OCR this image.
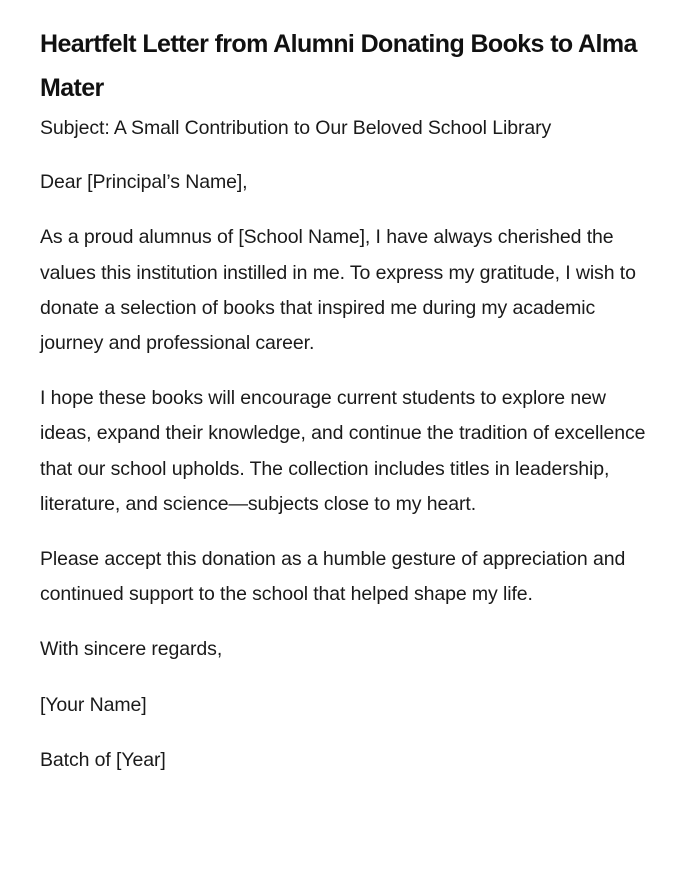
Heartfelt Letter from Alumni Donating Books to Alma Mater

Subject: A Small Contribution to Our Beloved School Library

Dear [Principal’s Name],

As a proud alumnus of [School Name], I have always cherished the values this institution instilled in me. To express my gratitude, I wish to donate a selection of books that inspired me during my academic journey and professional career.

I hope these books will encourage current students to explore new ideas, expand their knowledge, and continue the tradition of excellence that our school upholds. The collection includes titles in leadership, literature, and science—subjects close to my heart.

Please accept this donation as a humble gesture of appreciation and continued support to the school that helped shape my life.

With sincere regards,

[Your Name]

Batch of [Year]
